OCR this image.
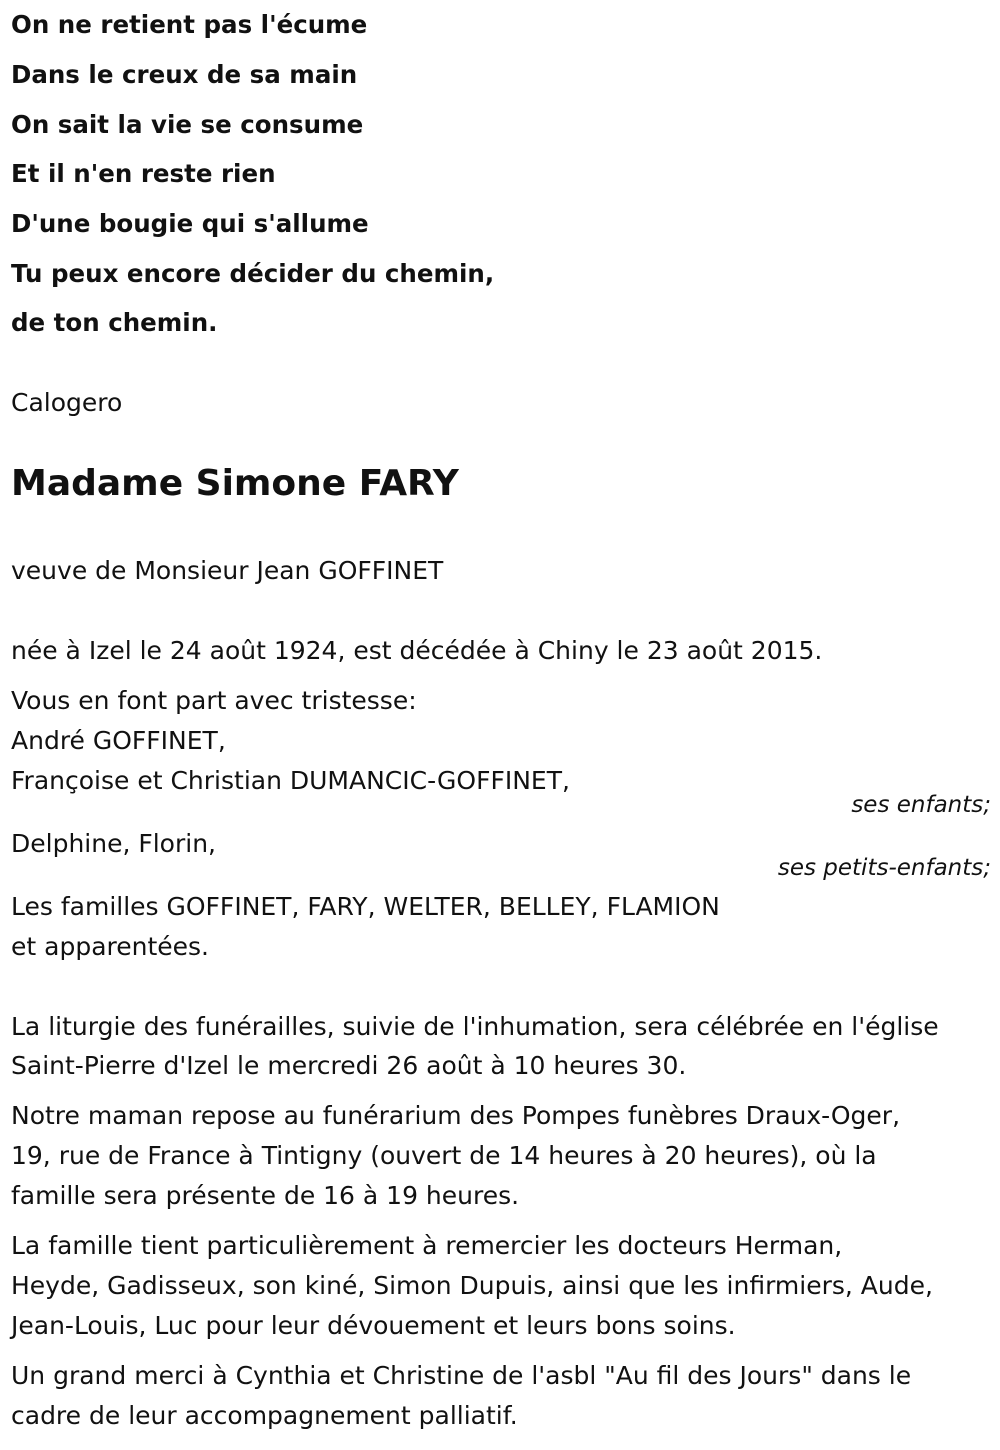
On ne retient pas l'écume
Dans le creux de sa main
On sait la vie se consume
Et il n'en reste rien
D'une bougie qui s'allume
Tu peux encore décider du chemin,
de ton chemin.
Calogero
Madame Simone FARY
veuve de Monsieur Jean GOFFINET
née à Izel le 24 août 1924, est décédée à Chiny le 23 août 2015.
Vous en font part avec tristesse:
André GOFFINET,
Françoise et Christian DUMANCIC-GOFFINET,
ses enfants;
Delphine, Florin,
ses petits-enfants;
Les familles GOFFINET, FARY, WELTER, BELLEY, FLAMION
et apparentées.
La liturgie des funérailles, suivie de l'inhumation, sera célébrée en l'église
Saint-Pierre d'Izel le mercredi 26 août à 10 heures 30.
Notre maman repose au funérarium des Pompes funèbres Draux-Oger,
19, rue de France à Tintigny (ouvert de 14 heures à 20 heures), où la
famille sera présente de 16 à 19 heures.
La famille tient particulièrement à remercier les docteurs Herman,
Heyde, Gadisseux, son kiné, Simon Dupuis, ainsi que les infirmiers, Aude,
Jean-Louis, Luc pour leur dévouement et leurs bons soins.
Un grand merci à Cynthia et Christine de l'asbl "Au fil des Jours" dans le
cadre de leur accompagnement palliatif.
